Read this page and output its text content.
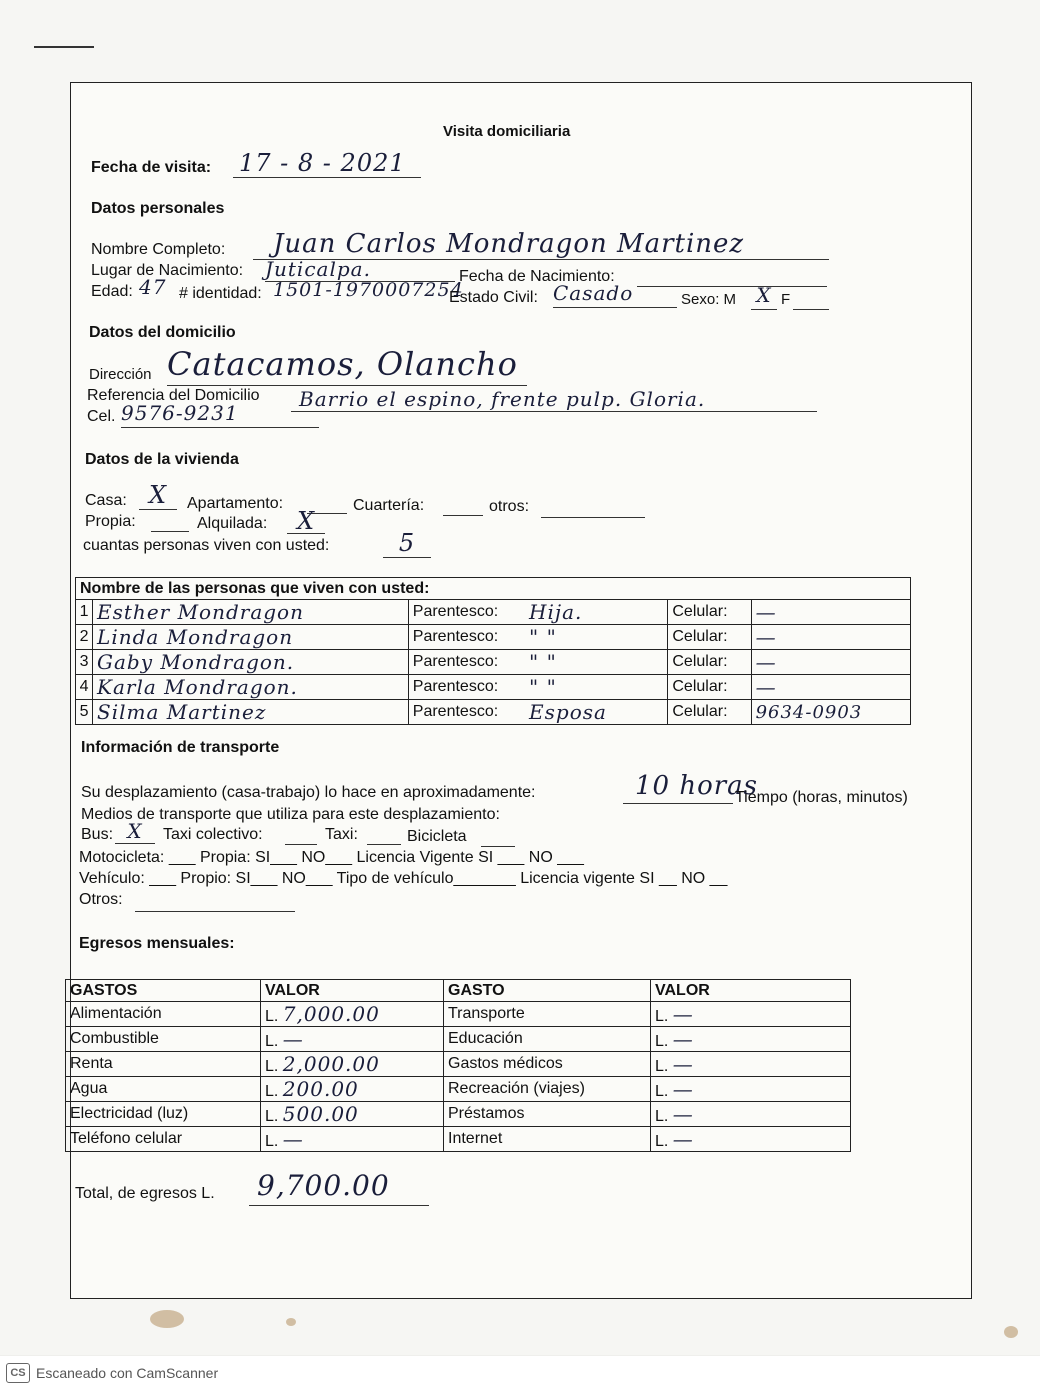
Visita domiciliaria
Fecha de visita: 17 - 8 - 2021
Datos personales
Nombre Completo:	Juan Carlos Mondragon Martinez
Lugar de Nacimiento: Juticalpa.	Fecha de Nacimiento:
Edad: 47 # identidad: 1501-1970007254
Estado Civil: Casado	Sexo: M X F
Datos del domicilio
Dirección Catacamos, Olancho
Referencia del Domicilio	Barrio el espino, frente pulp. Gloria.
Cel. 9576-9231
Datos de la vivienda
Casa: X	Apartamento:	Cuartería:	otros:
Propia:	Alquilada:	X
cuantas personas viven con usted:	5
Nombre de las personas que viven con usted:					
1	Esther Mondragon	Parentesco:	Hija.	Celular:	—
2	Linda Mondragon	Parentesco:	" "	Celular:	—
3	Gaby Mondragon.	Parentesco:	" "	Celular:	—
4	Karla Mondragon.	Parentesco:	" "	Celular:	—
5	Silma Martinez	Parentesco:	Esposa	Celular:	9634-0903
Información de transporte
Su desplazamiento (casa-trabajo) lo hace en aproximadamente:	10 horas
Tiempo (horas, minutos)
Medios de transporte que utiliza para este desplazamiento:
Bus: X	Taxi colectivo:	Taxi:	Bicicleta
Motocicleta: ___ Propia: SI___ NO___ Licencia Vigente SI ___ NO ___
Vehículo: ___ Propio: SI___ NO___ Tipo de vehículo_______ Licencia vigente SI __ NO __
Otros:
Egresos mensuales:
GASTOS	VALOR	GASTO	VALOR
Alimentación	L. 7,000.00	Transporte	L. —
Combustible	L. —	Educación	L. —
Renta	L. 2,000.00	Gastos médicos	L. —
Agua	L. 200.00	Recreación (viajes)	L. —
Electricidad (luz)	L. 500.00	Préstamos	L. —
Teléfono celular	L. —	Internet	L. —
Total, de egresos L. 9,700.00
CS Escaneado con CamScanner
